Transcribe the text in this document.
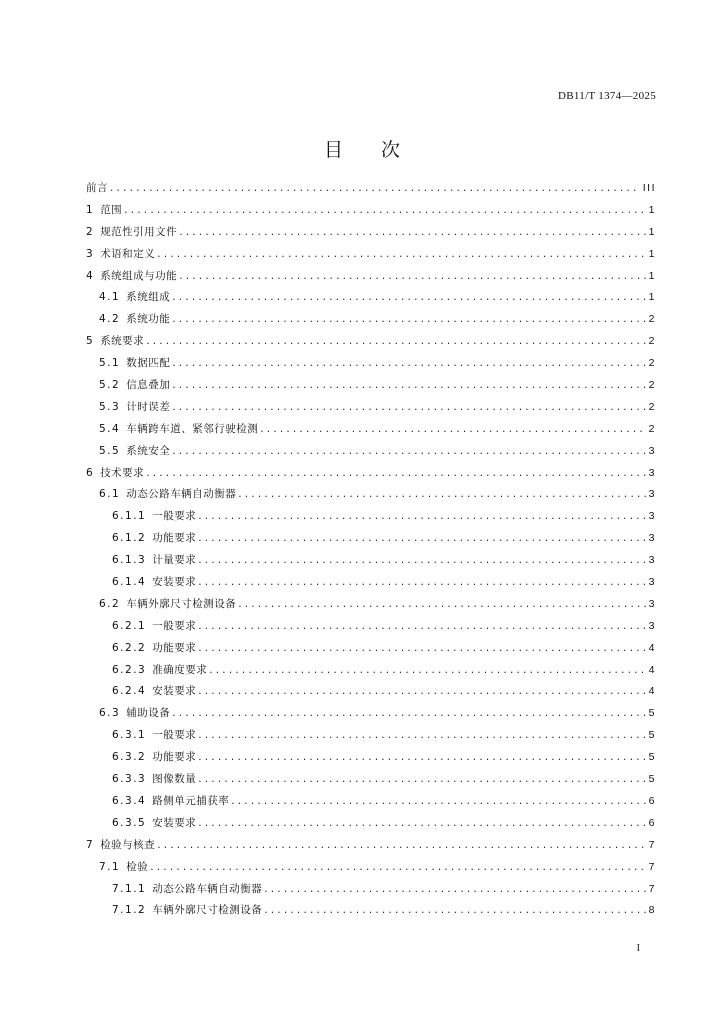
DB11/T 1374—2025
目次
前言 .....	III
1 范围 .....	1
2 规范性引用文件 .....	1
3 术语和定义 .....	1
4 系统组成与功能 .....	1
4.1 系统组成 .....	1
4.2 系统功能 .....	2
5 系统要求 .....	2
5.1 数据匹配 .....	2
5.2 信息叠加 .....	2
5.3 计时误差 .....	2
5.4 车辆跨车道、紧邻行驶检测 .....	2
5.5 系统安全 .....	3
6 技术要求 .....	3
6.1 动态公路车辆自动衡器 .....	3
6.1.1 一般要求 .....	3
6.1.2 功能要求 .....	3
6.1.3 计量要求 .....	3
6.1.4 安装要求 .....	3
6.2 车辆外廓尺寸检测设备 .....	3
6.2.1 一般要求 .....	3
6.2.2 功能要求 .....	4
6.2.3 准确度要求 .....	4
6.2.4 安装要求 .....	4
6.3 辅助设备 .....	5
6.3.1 一般要求 .....	5
6.3.2 功能要求 .....	5
6.3.3 图像数量 .....	5
6.3.4 路侧单元捕获率 .....	6
6.3.5 安装要求 .....	6
7 检验与核查 .....	7
7.1 检验 .....	7
7.1.1 动态公路车辆自动衡器 .....	7
7.1.2 车辆外廓尺寸检测设备 .....	8
I
